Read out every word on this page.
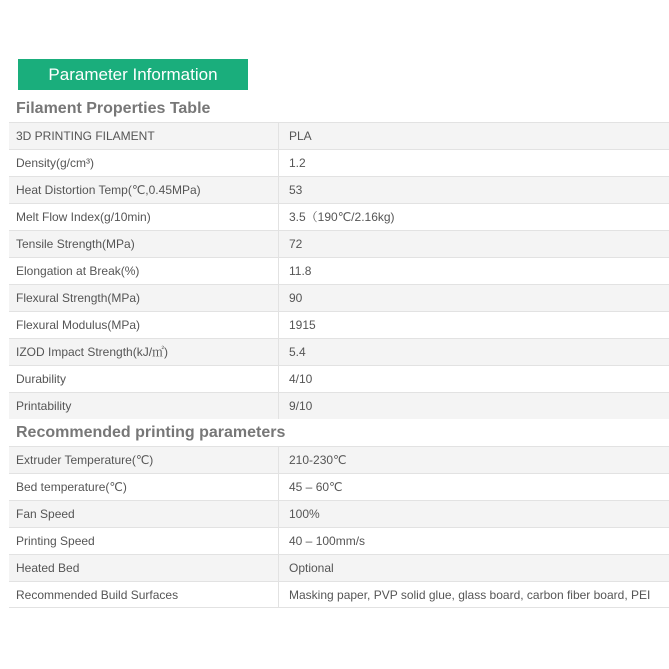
Parameter Information
Filament Properties Table
3D PRINTING FILAMENT	PLA
Density(g/cm³)	1.2
Heat Distortion Temp(℃,0.45MPa)	53
Melt Flow Index(g/10min)	3.5（190℃/2.16kg)
Tensile Strength(MPa)	72
Elongation at Break(%)	11.8
Flexural Strength(MPa)	90
Flexural Modulus(MPa)	1915
IZOD Impact Strength(kJ/㎡)	5.4
Durability	4/10
Printability	9/10
Recommended printing parameters
Extruder Temperature(℃)	210-230℃
Bed temperature(℃)	45 – 60℃
Fan Speed	100%
Printing Speed	40 – 100mm/s
Heated Bed	Optional
Recommended Build Surfaces	Masking paper, PVP solid glue, glass board, carbon fiber board, PEI
